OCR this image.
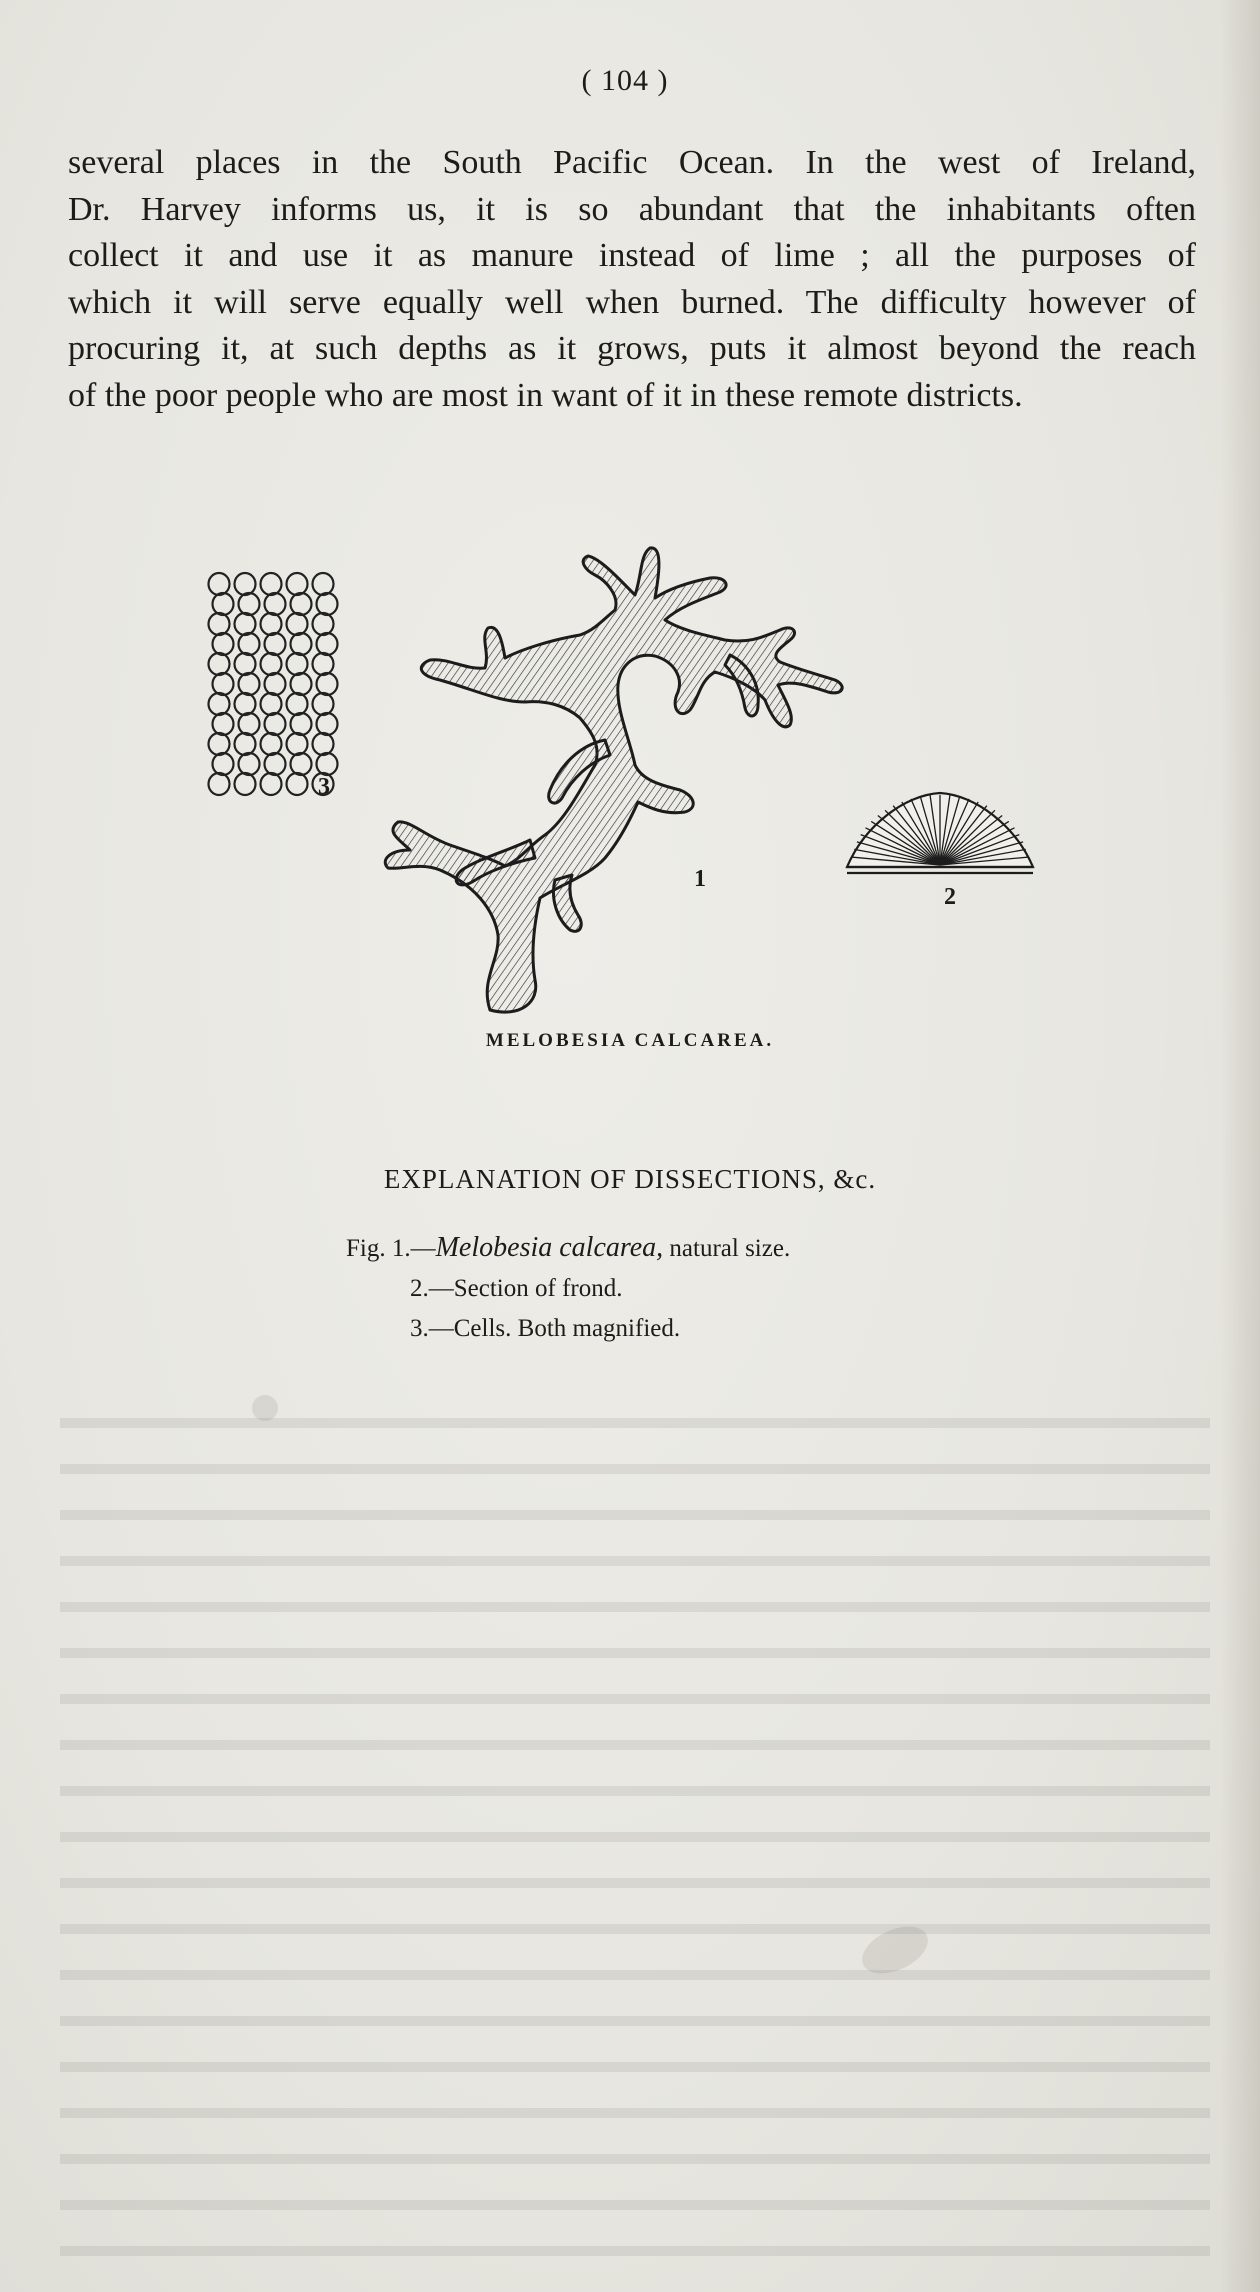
( 104 )
several places in the South Pacific Ocean. In the west of Ireland,
Dr. Harvey informs us, it is so abundant that the inhabitants often
collect it and use it as manure instead of lime ; all the purposes of
which it will serve equally well when burned. The difficulty however of
procuring it, at such depths as it grows, puts it almost beyond the reach
of the poor people who are most in want of it in these remote districts.
3
1
2
MELOBESIA CALCAREA.
EXPLANATION OF DISSECTIONS, &c.
Fig. 1.—Melobesia calcarea, natural size.
2.—Section of frond.
3.—Cells. Both magnified.
